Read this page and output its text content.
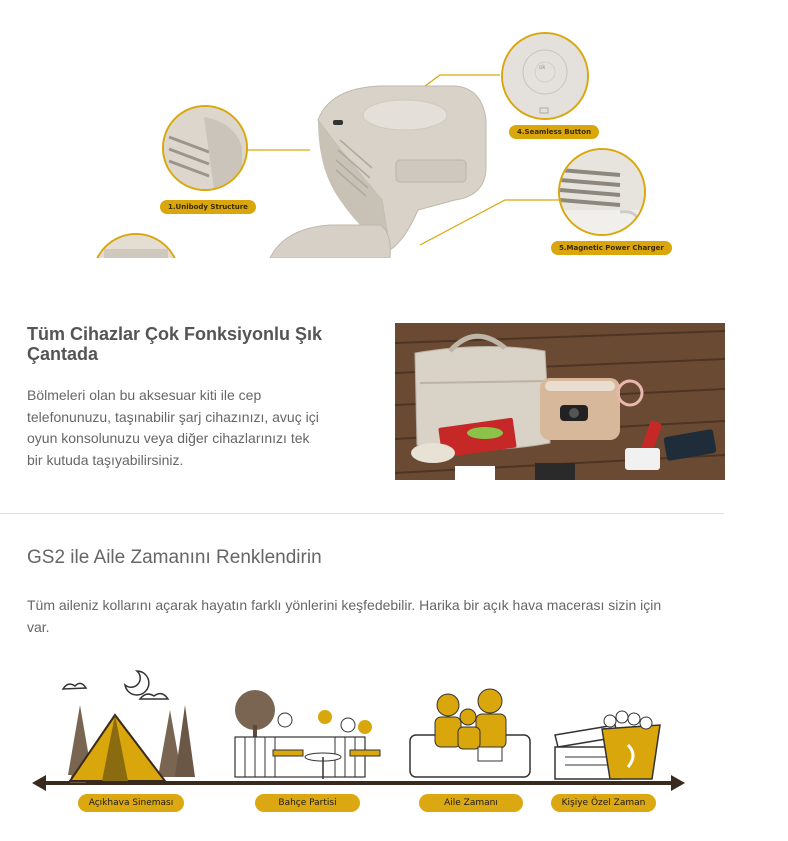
1.Unibody Structure
ok
4.Seamless Button
5.Magnetic Power Charger
Tüm Cihazlar Çok Fonksiyonlu Şık Çantada

Bölmeleri olan bu aksesuar kiti ile cep telefonunuzu, taşınabilir şarj cihazınızı, avuç içi oyun konsolunuzu veya diğer cihazlarınızı tek bir kutuda taşıyabilirsiniz.

GS2 ile Aile Zamanını Renklendirin

Tüm aileniz kollarını açarak hayatın farklı yönlerini keşfedebilir. Harika bir açık hava macerası sizin için var.

Açıkhava Sineması	Bahçe Partisi	Aile Zamanı	Kişiye Özel Zaman
